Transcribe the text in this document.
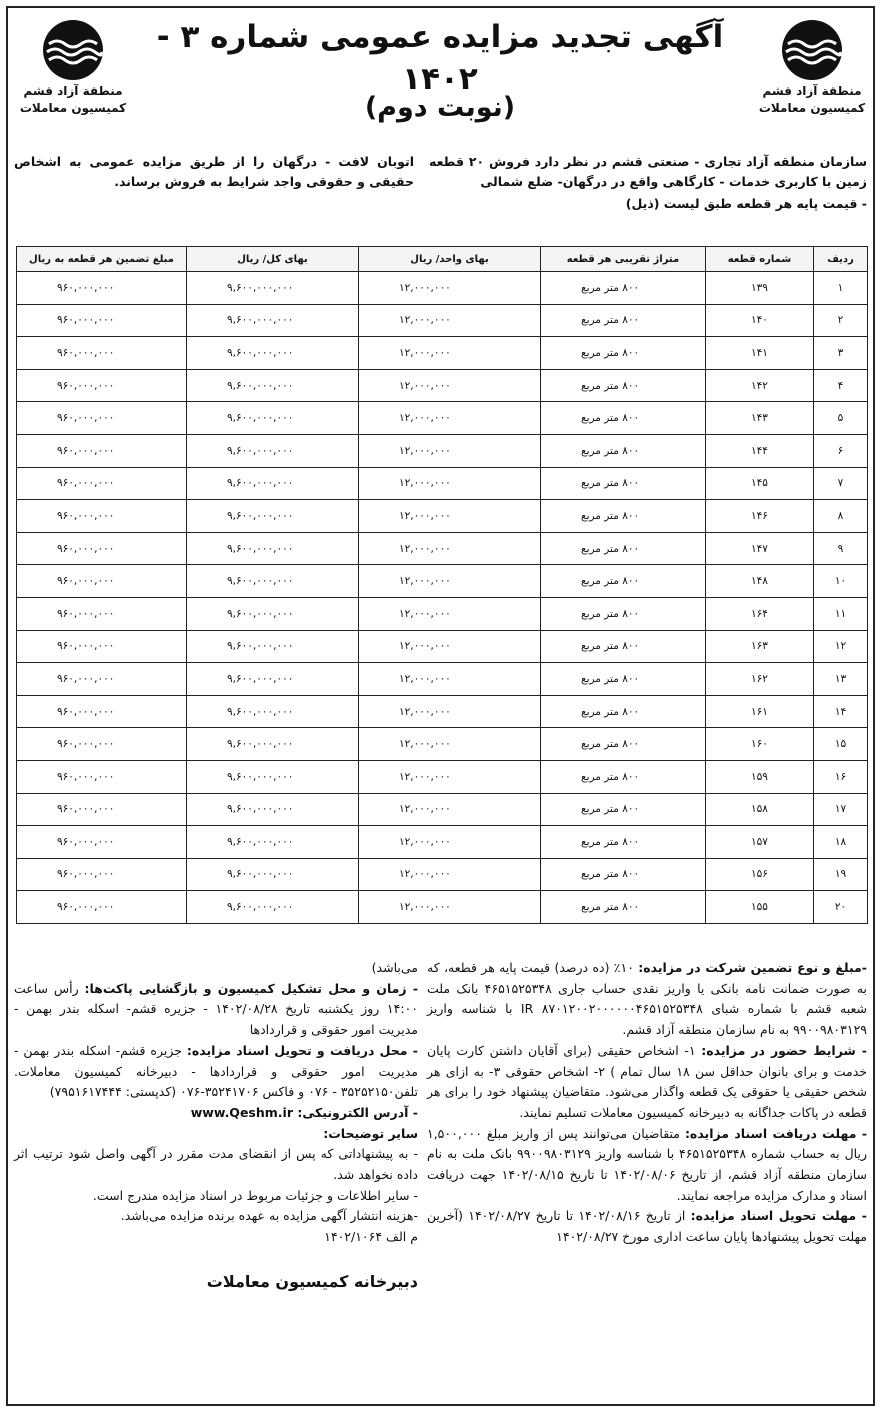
منطقة آزاد قشم
کمیسیون معاملات
منطقة آزاد قشم
کمیسیون معاملات
آگهی تجدید مزایده عمومی شماره ۳ - ۱۴۰۲
(نوبت دوم)
سازمان منطقه آزاد تجاری - صنعتی قشم در نظر دارد فروش ۲۰ قطعه زمین با کاربری خدمات - کارگاهی واقع در درگهان- ضلع شمالی
- قیمت پایه هر قطعه طبق لیست (ذیل)
اتوبان لافت - درگهان را از طریق مزایده عمومی به اشخاص حقیقی و حقوقی واجد شرایط به فروش برساند.
ردیف	شماره قطعه	متراژ تقریبی هر قطعه	بهای واحد/ ریال	بهای کل/ ریال	مبلغ تضمین هر قطعه به ریال
۱	۱۳۹	۸۰۰ متر مربع	۱۲,۰۰۰,۰۰۰	۹,۶۰۰,۰۰۰,۰۰۰	۹۶۰,۰۰۰,۰۰۰
۲	۱۴۰	۸۰۰ متر مربع	۱۲,۰۰۰,۰۰۰	۹,۶۰۰,۰۰۰,۰۰۰	۹۶۰,۰۰۰,۰۰۰
۳	۱۴۱	۸۰۰ متر مربع	۱۲,۰۰۰,۰۰۰	۹,۶۰۰,۰۰۰,۰۰۰	۹۶۰,۰۰۰,۰۰۰
۴	۱۴۲	۸۰۰ متر مربع	۱۲,۰۰۰,۰۰۰	۹,۶۰۰,۰۰۰,۰۰۰	۹۶۰,۰۰۰,۰۰۰
۵	۱۴۳	۸۰۰ متر مربع	۱۲,۰۰۰,۰۰۰	۹,۶۰۰,۰۰۰,۰۰۰	۹۶۰,۰۰۰,۰۰۰
۶	۱۴۴	۸۰۰ متر مربع	۱۲,۰۰۰,۰۰۰	۹,۶۰۰,۰۰۰,۰۰۰	۹۶۰,۰۰۰,۰۰۰
۷	۱۴۵	۸۰۰ متر مربع	۱۲,۰۰۰,۰۰۰	۹,۶۰۰,۰۰۰,۰۰۰	۹۶۰,۰۰۰,۰۰۰
۸	۱۴۶	۸۰۰ متر مربع	۱۲,۰۰۰,۰۰۰	۹,۶۰۰,۰۰۰,۰۰۰	۹۶۰,۰۰۰,۰۰۰
۹	۱۴۷	۸۰۰ متر مربع	۱۲,۰۰۰,۰۰۰	۹,۶۰۰,۰۰۰,۰۰۰	۹۶۰,۰۰۰,۰۰۰
۱۰	۱۴۸	۸۰۰ متر مربع	۱۲,۰۰۰,۰۰۰	۹,۶۰۰,۰۰۰,۰۰۰	۹۶۰,۰۰۰,۰۰۰
۱۱	۱۶۴	۸۰۰ متر مربع	۱۲,۰۰۰,۰۰۰	۹,۶۰۰,۰۰۰,۰۰۰	۹۶۰,۰۰۰,۰۰۰
۱۲	۱۶۳	۸۰۰ متر مربع	۱۲,۰۰۰,۰۰۰	۹,۶۰۰,۰۰۰,۰۰۰	۹۶۰,۰۰۰,۰۰۰
۱۳	۱۶۲	۸۰۰ متر مربع	۱۲,۰۰۰,۰۰۰	۹,۶۰۰,۰۰۰,۰۰۰	۹۶۰,۰۰۰,۰۰۰
۱۴	۱۶۱	۸۰۰ متر مربع	۱۲,۰۰۰,۰۰۰	۹,۶۰۰,۰۰۰,۰۰۰	۹۶۰,۰۰۰,۰۰۰
۱۵	۱۶۰	۸۰۰ متر مربع	۱۲,۰۰۰,۰۰۰	۹,۶۰۰,۰۰۰,۰۰۰	۹۶۰,۰۰۰,۰۰۰
۱۶	۱۵۹	۸۰۰ متر مربع	۱۲,۰۰۰,۰۰۰	۹,۶۰۰,۰۰۰,۰۰۰	۹۶۰,۰۰۰,۰۰۰
۱۷	۱۵۸	۸۰۰ متر مربع	۱۲,۰۰۰,۰۰۰	۹,۶۰۰,۰۰۰,۰۰۰	۹۶۰,۰۰۰,۰۰۰
۱۸	۱۵۷	۸۰۰ متر مربع	۱۲,۰۰۰,۰۰۰	۹,۶۰۰,۰۰۰,۰۰۰	۹۶۰,۰۰۰,۰۰۰
۱۹	۱۵۶	۸۰۰ متر مربع	۱۲,۰۰۰,۰۰۰	۹,۶۰۰,۰۰۰,۰۰۰	۹۶۰,۰۰۰,۰۰۰
۲۰	۱۵۵	۸۰۰ متر مربع	۱۲,۰۰۰,۰۰۰	۹,۶۰۰,۰۰۰,۰۰۰	۹۶۰,۰۰۰,۰۰۰
-مبلغ و نوع تضمین شرکت در مزایده: ۱۰٪ (ده درصد) قیمت پایه هر قطعه، که به صورت ضمانت نامه بانکی یا واریز نقدی حساب جاری ۴۶۵۱۵۲۵۳۴۸ بانک ملت شعبه قشم با شماره شبای IR ۸۷۰۱۲۰۰۲۰۰۰۰۰۰۴۶۵۱۵۲۵۳۴۸ با شناسه واریز ۹۹۰۰۹۸۰۳۱۲۹ به نام سازمان منطقه آزاد قشم.
- شرایط حضور در مزایده: ۱- اشخاص حقیقی (برای آقایان داشتن کارت پایان خدمت و برای بانوان حداقل سن ۱۸ سال تمام ) ۲- اشخاص حقوقی ۳- به ازای هر شخص حقیقی یا حقوقی یک قطعه واگذار می‌شود. متقاضیان پیشنهاد خود را برای هر قطعه در پاکات جداگانه به دبیرخانه کمیسیون معاملات تسلیم نمایند.
- مهلت دریافت اسناد مزایده: متقاضیان می‌توانند پس از واریز مبلغ ۱,۵۰۰,۰۰۰ ریال به حساب شماره ۴۶۵۱۵۲۵۳۴۸ با شناسه واریز ۹۹۰۰۹۸۰۳۱۲۹ بانک ملت به نام سازمان منطقه آزاد قشم، از تاریخ ۱۴۰۲/۰۸/۰۶ تا تاریخ ۱۴۰۲/۰۸/۱۵ جهت دریافت اسناد و مدارک مزایده مراجعه نمایند.
- مهلت تحویل اسناد مزایده: از تاریخ ۱۴۰۲/۰۸/۱۶ تا تاریخ ۱۴۰۲/۰۸/۲۷ (آخرین مهلت تحویل پیشنهادها پایان ساعت اداری مورخ ۱۴۰۲/۰۸/۲۷
می‌باشد)
- زمان و محل تشکیل کمیسیون و بازگشایی پاکت‌ها: رأس ساعت ۱۴:۰۰ روز یکشنبه تاریخ ۱۴۰۲/۰۸/۲۸ - جزیره قشم- اسکله بندر بهمن - مدیریت امور حقوقی و قراردادها
- محل دریافت و تحویل اسناد مزایده: جزیره قشم- اسکله بندر بهمن - مدیریت امور حقوقی و قراردادها - دبیرخانه کمیسیون معاملات. تلفن۳۵۲۵۲۱۵۰ - ۰۷۶ و فاکس ۳۵۲۴۱۷۰۶-۰۷۶ (کدپستی: ۷۹۵۱۶۱۷۴۴۴)
- آدرس الکترونیکی: www.Qeshm.ir
سایر توضیحات:
- به پیشنهاداتی که پس از انقضای مدت مقرر در آگهی واصل شود ترتیب اثر داده نخواهد شد.
- سایر اطلاعات و جزئیات مربوط در اسناد مزایده مندرج است.
-هزینه انتشار آگهی مزایده به عهده برنده مزایده می‌باشد.
م الف ۱۴۰۲/۱۰۶۴
دبیرخانه کمیسیون معاملات
